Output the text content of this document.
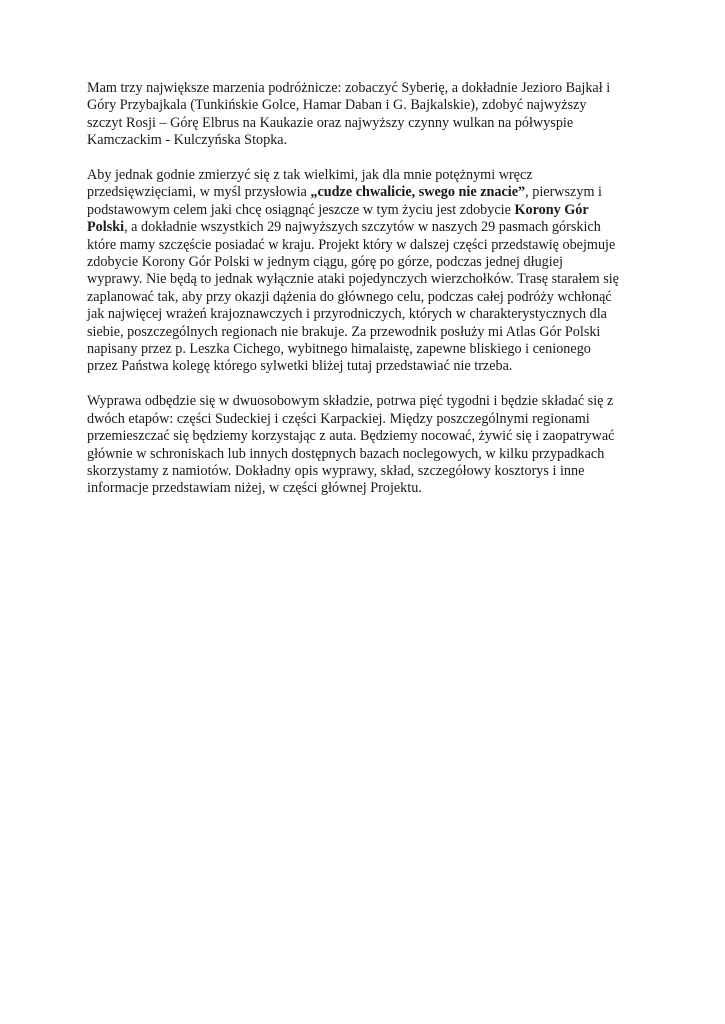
Mam trzy największe marzenia podróżnicze: zobaczyć Syberię, a dokładnie Jezioro Bajkał i
Góry Przybajkala (Tunkińskie Golce, Hamar Daban i G. Bajkalskie), zdobyć najwyższy
szczyt Rosji – Górę Elbrus na Kaukazie oraz najwyższy czynny wulkan na półwyspie
Kamczackim - Kulczyńska Stopka.

Aby jednak godnie zmierzyć się z tak wielkimi, jak dla mnie potężnymi wręcz
przedsięwzięciami, w myśl przysłowia „cudze chwalicie, swego nie znacie”, pierwszym i
podstawowym celem jaki chcę osiągnąć jeszcze w tym życiu jest zdobycie Korony Gór
Polski, a dokładnie wszystkich 29 najwyższych szczytów w naszych 29 pasmach górskich
które mamy szczęście posiadać w kraju. Projekt który w dalszej części przedstawię obejmuje
zdobycie Korony Gór Polski w jednym ciągu, górę po górze, podczas jednej długiej
wyprawy. Nie będą to jednak wyłącznie ataki pojedynczych wierzchołków. Trasę starałem się
zaplanować tak, aby przy okazji dążenia do głównego celu, podczas całej podróży wchłonąć
jak najwięcej wrażeń krajoznawczych i przyrodniczych, których w charakterystycznych dla
siebie, poszczególnych regionach nie brakuje. Za przewodnik posłuży mi Atlas Gór Polski
napisany przez p. Leszka Cichego, wybitnego himalaistę, zapewne bliskiego i cenionego
przez Państwa kolegę którego sylwetki bliżej tutaj przedstawiać nie trzeba.

Wyprawa odbędzie się w dwuosobowym składzie, potrwa pięć tygodni i będzie składać się z
dwóch etapów: części Sudeckiej i części Karpackiej. Między poszczególnymi regionami
przemieszczać się będziemy korzystając z auta. Będziemy nocować, żywić się i zaopatrywać
głównie w schroniskach lub innych dostępnych bazach noclegowych, w kilku przypadkach
skorzystamy z namiotów. Dokładny opis wyprawy, skład, szczegółowy kosztorys i inne
informacje przedstawiam niżej, w części głównej Projektu.
